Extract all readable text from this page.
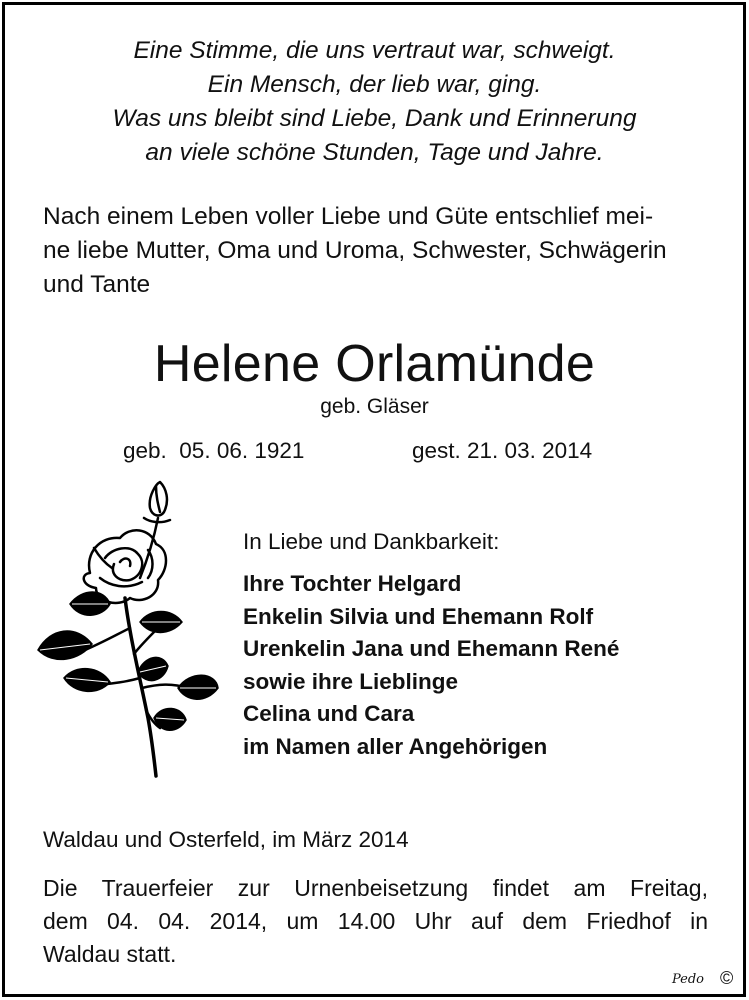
Eine Stimme, die uns vertraut war, schweigt.
Ein Mensch, der lieb war, ging.
Was uns bleibt sind Liebe, Dank und Erinnerung
an viele schöne Stunden, Tage und Jahre.
Nach einem Leben voller Liebe und Güte entschlief mei-
ne liebe Mutter, Oma und Uroma, Schwester, Schwägerin
und Tante
Helene Orlamünde
geb. Gläser
geb.  05. 06. 1921	gest. 21. 03. 2014
In Liebe und Dankbarkeit:
Ihre Tochter Helgard
Enkelin Silvia und Ehemann Rolf
Urenkelin Jana und Ehemann René
sowie ihre Lieblinge
Celina und Cara
im Namen aller Angehörigen
Waldau und Osterfeld, im März 2014
Die Trauerfeier zur Urnenbeisetzung findet am Freitag,
dem 04. 04. 2014, um 14.00 Uhr auf dem Friedhof in
Waldau statt.
Pedo ©
